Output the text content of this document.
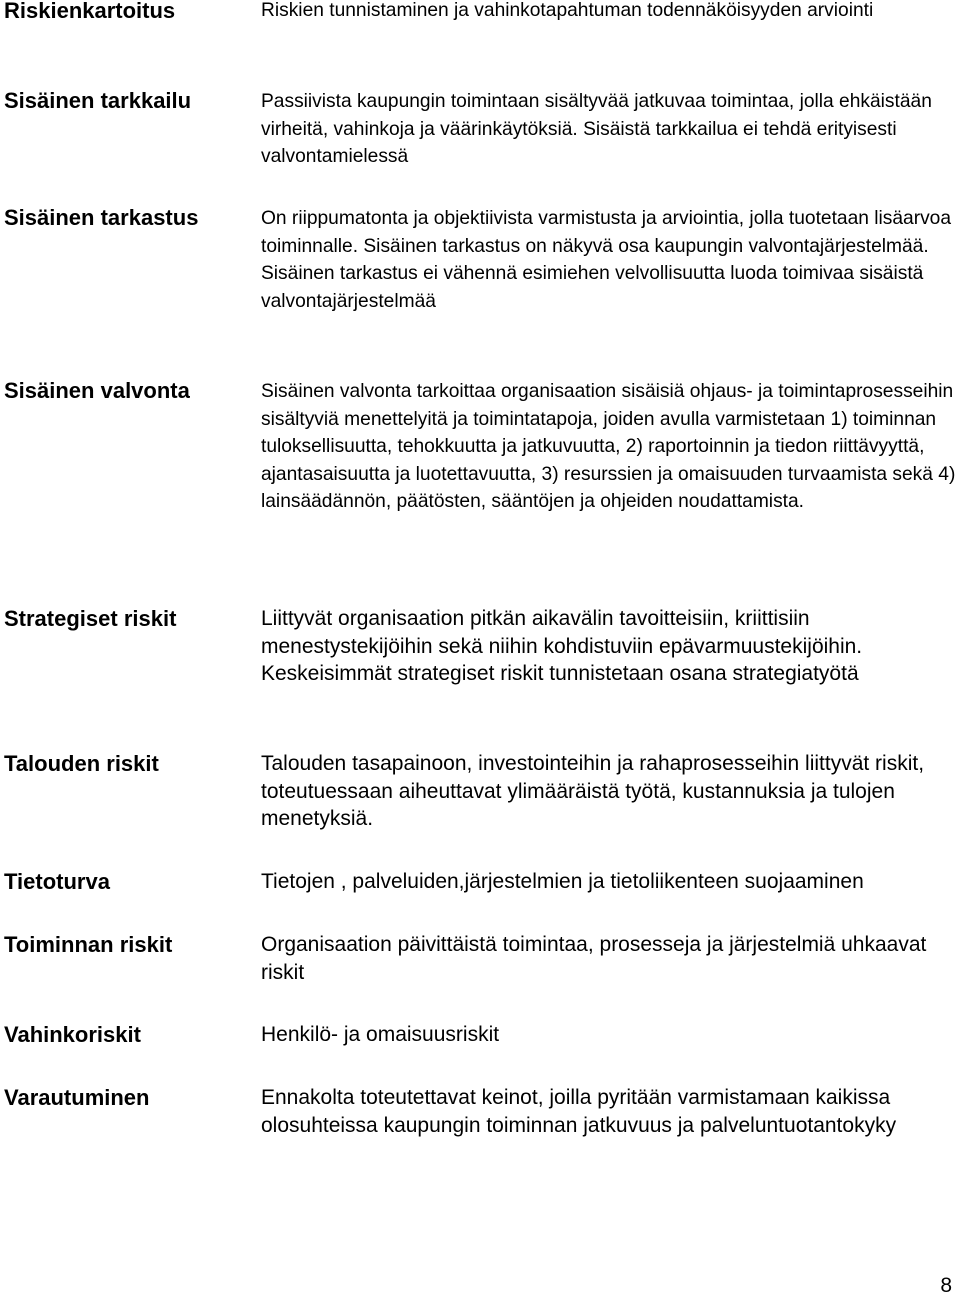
Riskienkartoitus

Sisäinen tarkkailu

Sisäinen tarkastus

Sisäinen valvonta

Strategiset riskit

Talouden riskit

Tietoturva

Toiminnan riskit

Vahinkoriskit

Varautuminen

Riskien tunnistaminen ja vahinkotapahtuman todennäköisyyden arviointi

Passiivista kaupungin toimintaan sisältyvää jatkuvaa toimintaa, jolla ehkäistään virheitä, vahinkoja ja väärinkäytöksiä. Sisäistä tarkkailua ei tehdä erityisesti valvontamielessä

On riippumatonta ja objektiivista varmistusta ja arviointia, jolla tuotetaan lisäarvoa toiminnalle. Sisäinen tarkastus on näkyvä osa kaupungin valvontajärjestelmää. Sisäinen tarkastus ei vähennä esimiehen velvollisuutta luoda toimivaa sisäistä valvontajärjestelmää

Sisäinen valvonta tarkoittaa organisaation sisäisiä ohjaus- ja toimintaprosesseihin sisältyviä menettelyitä ja toimintatapoja, joiden avulla varmistetaan 1) toiminnan tuloksellisuutta, tehokkuutta ja jatkuvuutta, 2) raportoinnin ja tiedon riittävyyttä, ajantasaisuutta ja luotettavuutta, 3) resurssien ja omaisuuden turvaamista sekä 4) lainsäädännön, päätösten, sääntöjen ja ohjeiden noudattamista.

Liittyvät organisaation pitkän aikavälin tavoitteisiin, kriittisiin menestystekijöihin sekä niihin kohdistuviin epävarmuustekijöihin. Keskeisimmät strategiset riskit tunnistetaan osana strategiatyötä

Talouden tasapainoon, investointeihin ja rahaprosesseihin liittyvät riskit, toteutuessaan aiheuttavat ylimääräistä työtä, kustannuksia ja tulojen menetyksiä.

Tietojen , palveluiden,järjestelmien ja tietoliikenteen suojaaminen

Organisaation päivittäistä toimintaa, prosesseja ja järjestelmiä uhkaavat riskit

Henkilö- ja omaisuusriskit

Ennakolta toteutettavat keinot, joilla pyritään varmistamaan kaikissa olosuhteissa kaupungin toiminnan jatkuvuus ja palveluntuotantokyky

8
